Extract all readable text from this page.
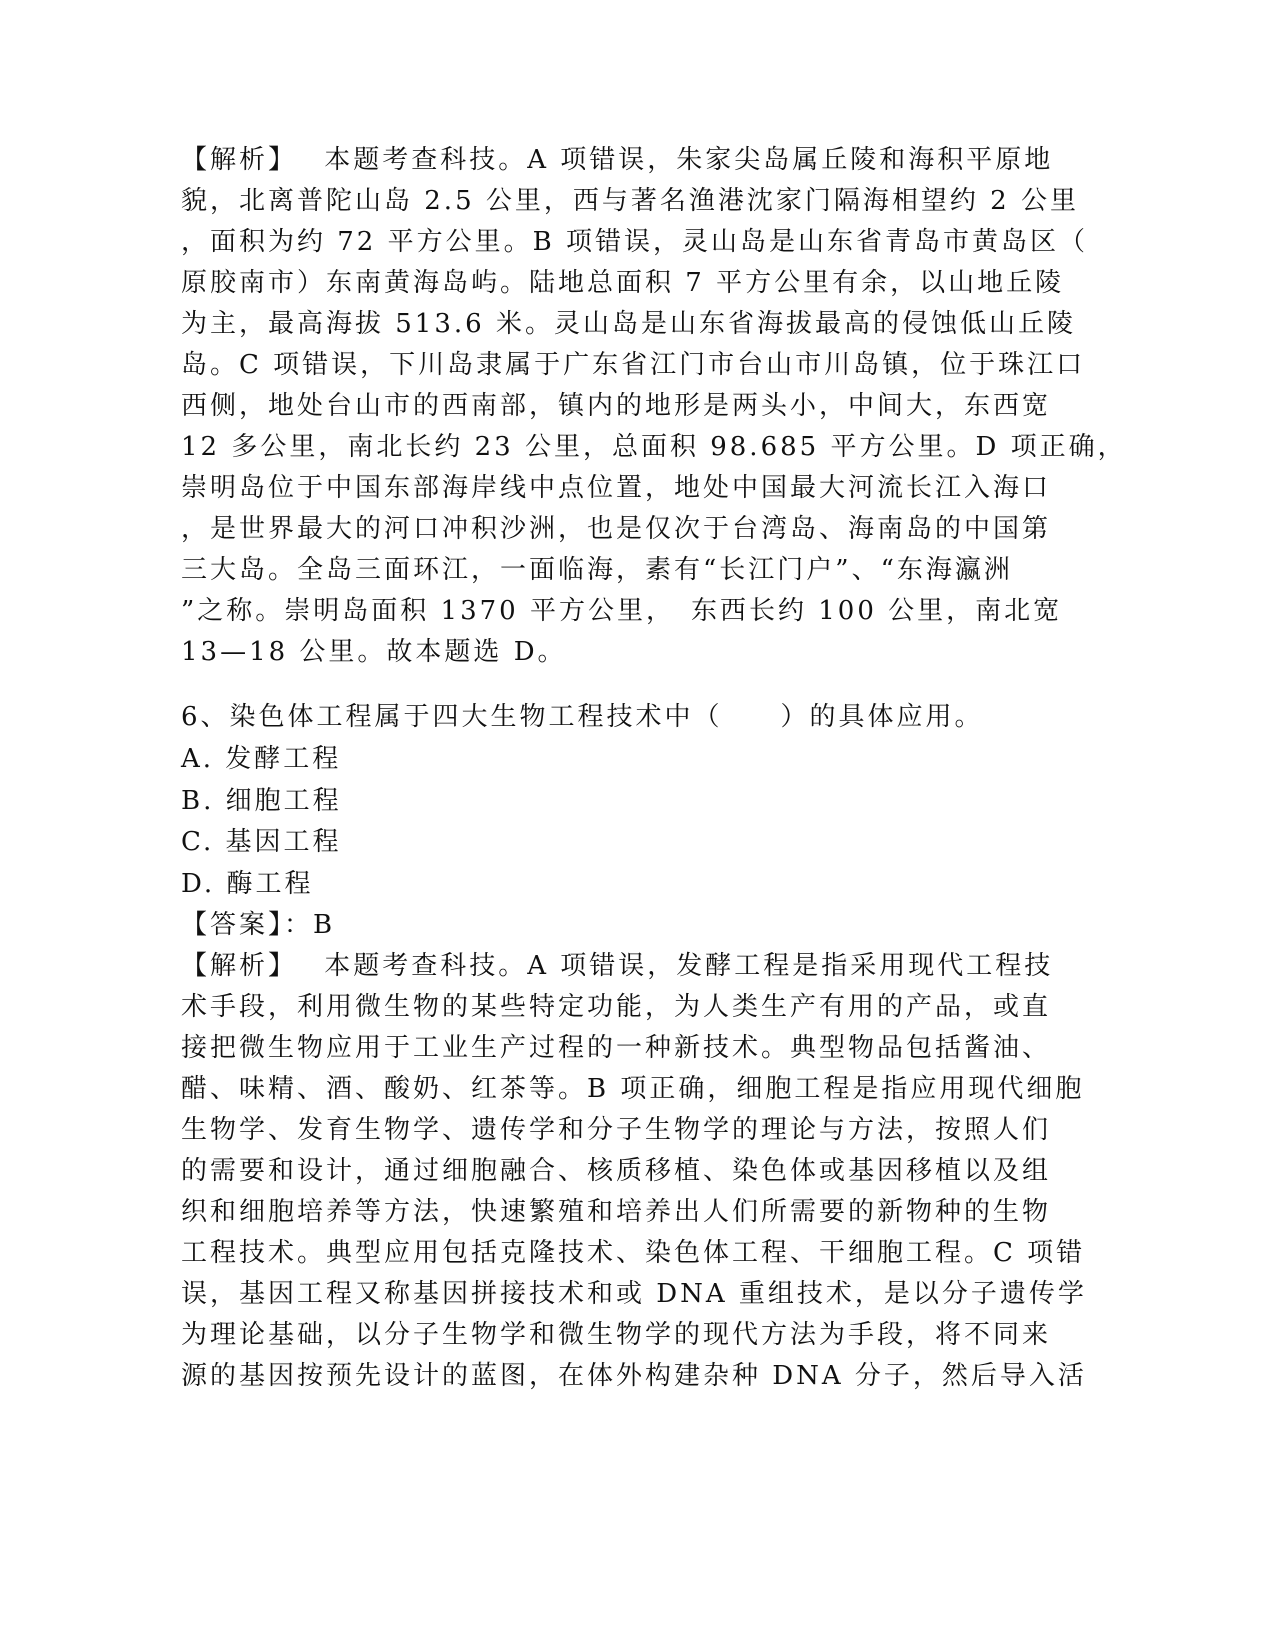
【解析】　 本题考查科技。A 项错误，朱家尖岛属丘陵和海积平原地
貌，北离普陀山岛 2.5 公里，西与著名渔港沈家门隔海相望约 2 公里
，面积为约 72 平方公里。B 项错误，灵山岛是山东省青岛市黄岛区（
原胶南市）东南黄海岛屿。陆地总面积 7 平方公里有余，以山地丘陵
为主，最高海拔 513.6 米。灵山岛是山东省海拔最高的侵蚀低山丘陵
岛。C 项错误，下川岛隶属于广东省江门市台山市川岛镇，位于珠江口
西侧，地处台山市的西南部，镇内的地形是两头小，中间大，东西宽
12 多公里，南北长约 23 公里，总面积 98.685 平方公里。D 项正确，
崇明岛位于中国东部海岸线中点位置，地处中国最大河流长江入海口
，是世界最大的河口冲积沙洲，也是仅次于台湾岛、海南岛的中国第
三大岛。全岛三面环江，一面临海，素有“长江门户”、“东海瀛洲
”之称。崇明岛面积 1370 平方公里，　东西长约 100 公里，南北宽
13—18 公里。故本题选 D。
6、染色体工程属于四大生物工程技术中（　　）的具体应用。
A. 发酵工程
B. 细胞工程
C. 基因工程
D. 酶工程
【答案】：B
【解析】　 本题考查科技。A 项错误，发酵工程是指采用现代工程技
术手段，利用微生物的某些特定功能，为人类生产有用的产品，或直
接把微生物应用于工业生产过程的一种新技术。典型物品包括酱油、
醋、味精、酒、酸奶、红茶等。B 项正确，细胞工程是指应用现代细胞
生物学、发育生物学、遗传学和分子生物学的理论与方法，按照人们
的需要和设计，通过细胞融合、核质移植、染色体或基因移植以及组
织和细胞培养等方法，快速繁殖和培养出人们所需要的新物种的生物
工程技术。典型应用包括克隆技术、染色体工程、干细胞工程。C 项错
误，基因工程又称基因拼接技术和或 DNA 重组技术，是以分子遗传学
为理论基础，以分子生物学和微生物学的现代方法为手段，将不同来
源的基因按预先设计的蓝图，在体外构建杂种 DNA 分子，然后导入活
